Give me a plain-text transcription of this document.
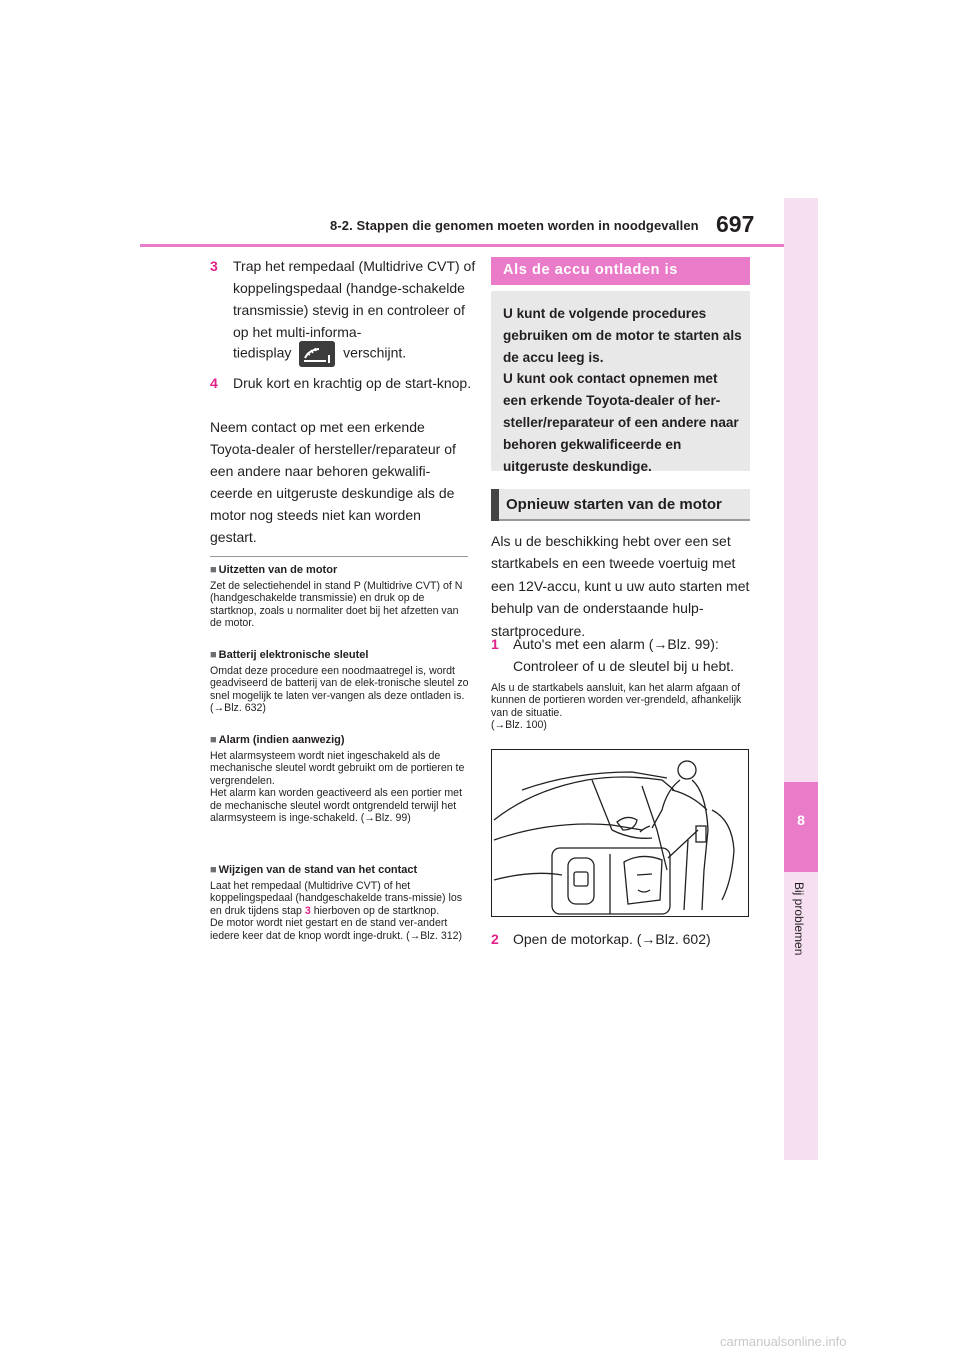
8-2. Stappen die genomen moeten worden in noodgevallen 697
8
Bij problemen
3 Trap het rempedaal (Multidrive CVT) of koppelingspedaal (handge-schakelde transmissie) stevig in en controleer of op het multi-informa-
tiedisplay	verschijnt.
4 Druk kort en krachtig op de start-knop.
Neem contact op met een erkende Toyota-dealer of hersteller/reparateur of een andere naar behoren gekwalifi-ceerde en uitgeruste deskundige als de motor nog steeds niet kan worden gestart.
■ Uitzetten van de motor
Zet de selectiehendel in stand P (Multidrive CVT) of N (handgeschakelde transmissie) en druk op de startknop, zoals u normaliter doet bij het afzetten van de motor.
■ Batterij elektronische sleutel
Omdat deze procedure een noodmaatregel is, wordt geadviseerd de batterij van de elek-tronische sleutel zo snel mogelijk te laten ver-vangen als deze ontladen is. (→Blz. 632)
■ Alarm (indien aanwezig)
Het alarmsysteem wordt niet ingeschakeld als de mechanische sleutel wordt gebruikt om de portieren te vergrendelen.
Het alarm kan worden geactiveerd als een portier met de mechanische sleutel wordt ontgrendeld terwijl het alarmsysteem is inge-schakeld. (→Blz. 99)
■ Wijzigen van de stand van het contact
Laat het rempedaal (Multidrive CVT) of het koppelingspedaal (handgeschakelde trans-missie) los en druk tijdens stap 3 hierboven op de startknop.
De motor wordt niet gestart en de stand ver-andert iedere keer dat de knop wordt inge-drukt. (→Blz. 312)
Als de accu ontladen is
U kunt de volgende procedures gebruiken om de motor te starten als de accu leeg is.
U kunt ook contact opnemen met een erkende Toyota-dealer of her-steller/reparateur of een andere naar behoren gekwalificeerde en uitgeruste deskundige.
Opnieuw starten van de motor
Als u de beschikking hebt over een set startkabels en een tweede voertuig met een 12V-accu, kunt u uw auto starten met behulp van de onderstaande hulp-startprocedure.
1 Auto's met een alarm (→Blz. 99): Controleer of u de sleutel bij u hebt.
Als u de startkabels aansluit, kan het alarm afgaan of kunnen de portieren worden ver-grendeld, afhankelijk van de situatie.
(→Blz. 100)
2 Open de motorkap. (→Blz. 602)
carmanualsonline.info
